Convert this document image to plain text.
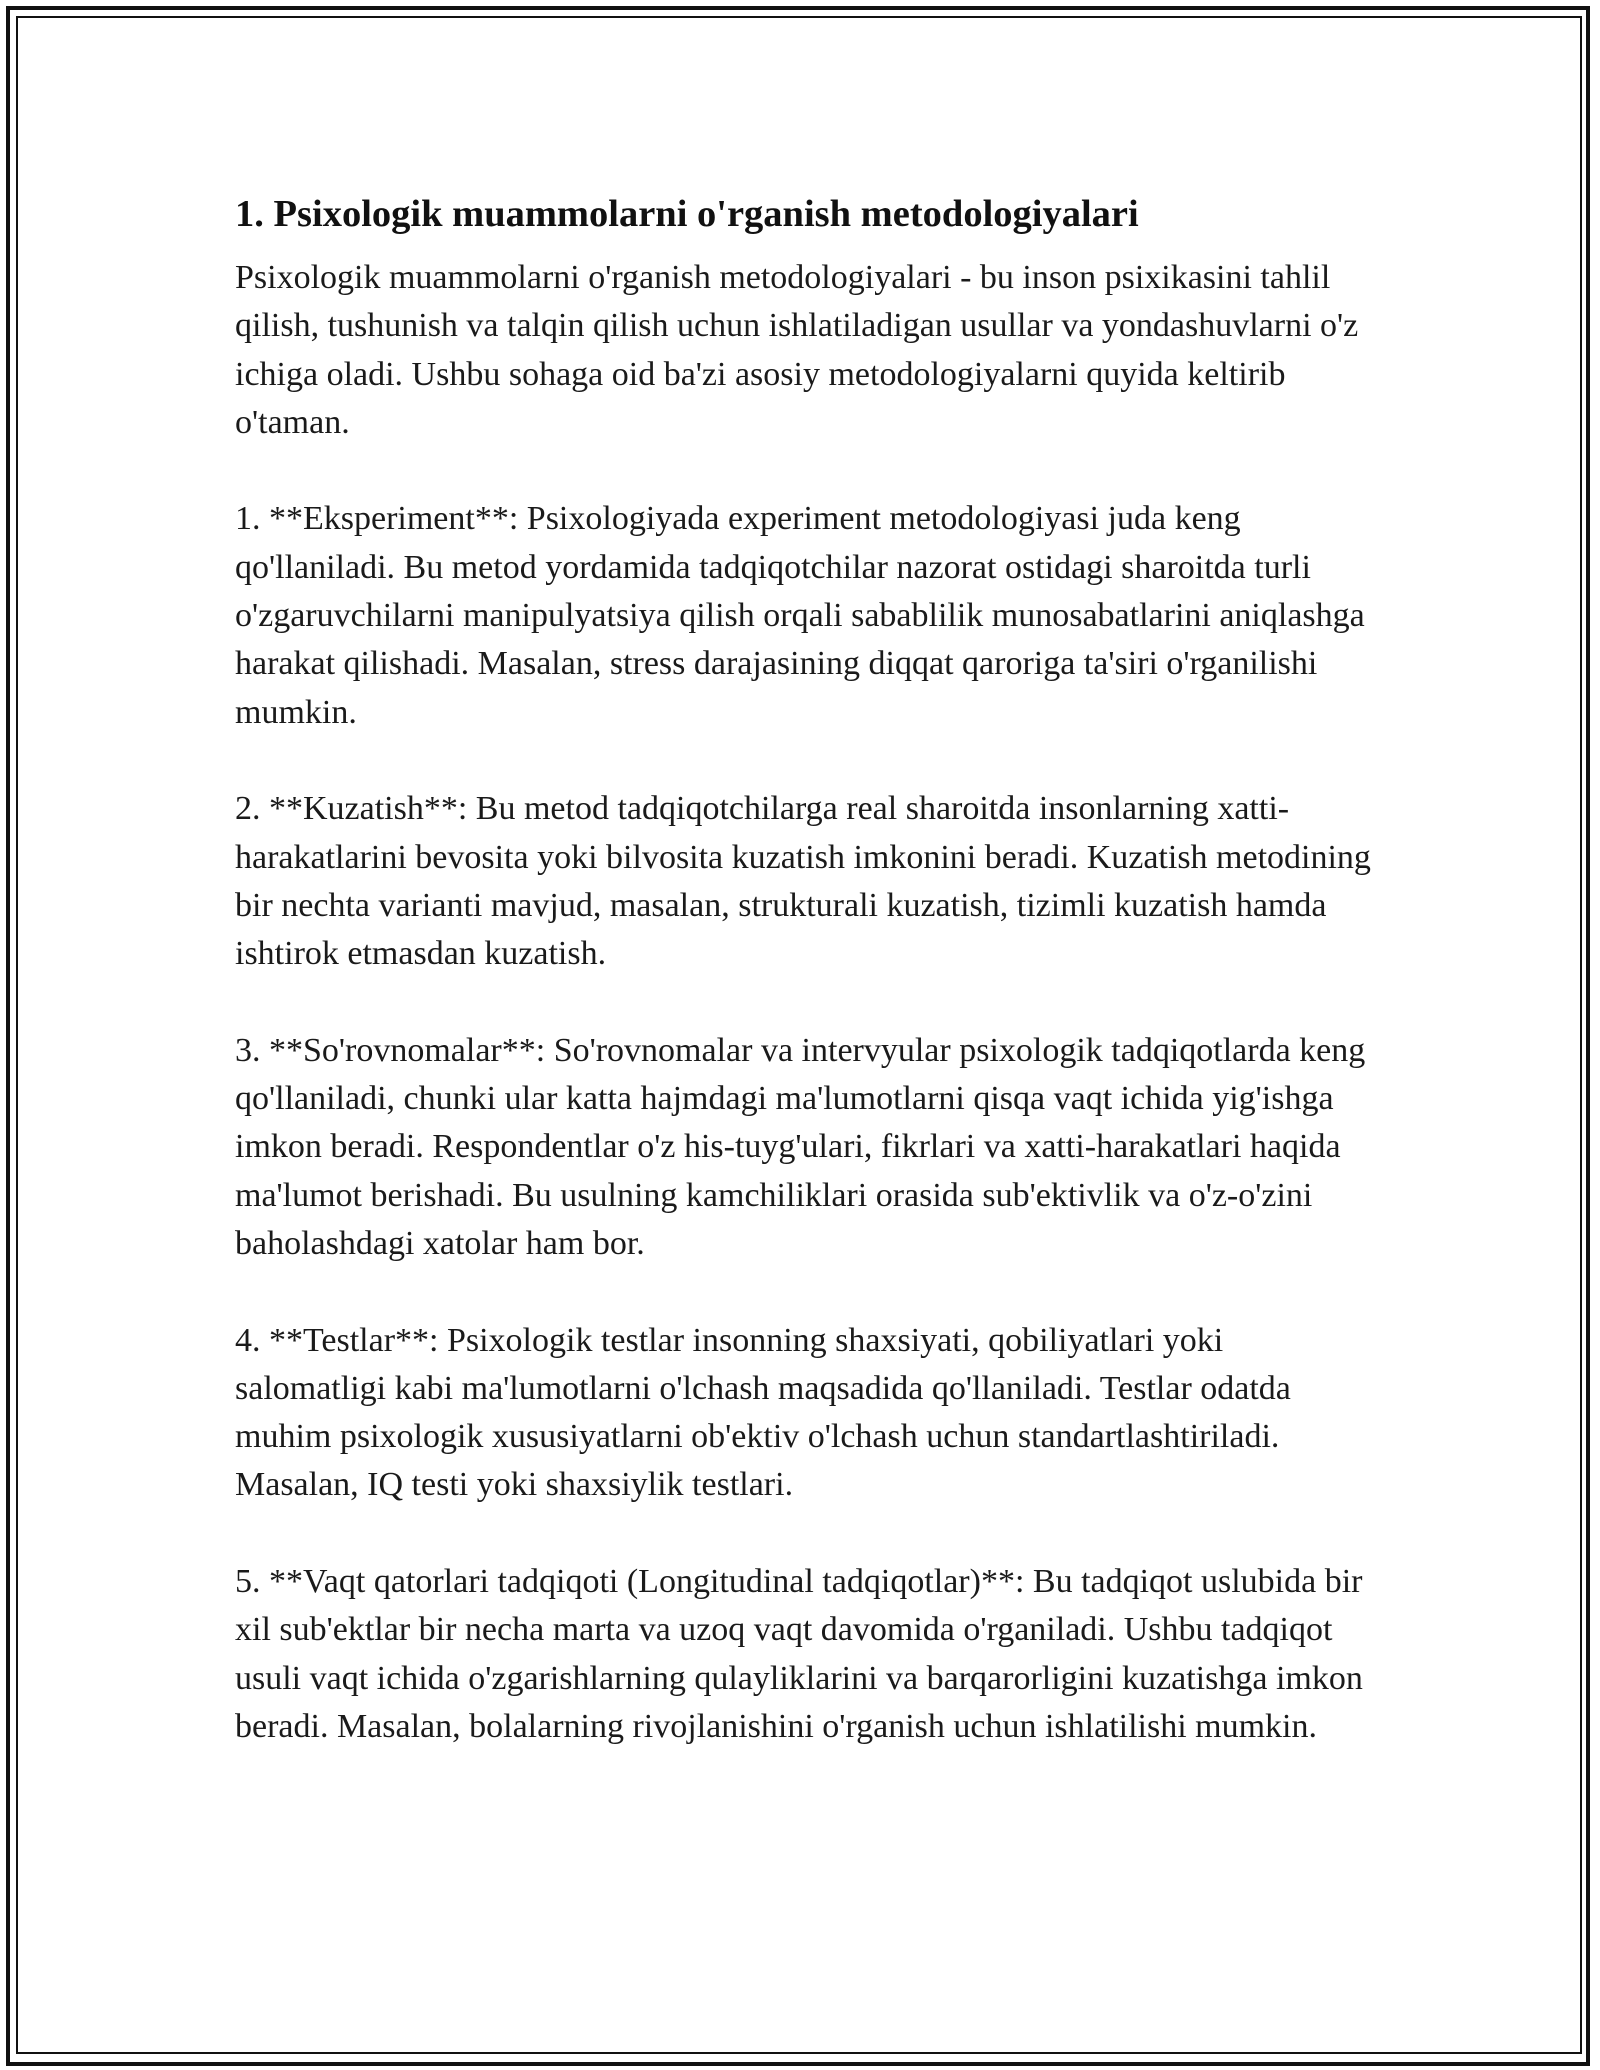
1. Psixologik muammolarni o'rganish metodologiyalari

Psixologik muammolarni o'rganish metodologiyalari - bu inson psixikasini tahlil qilish, tushunish va talqin qilish uchun ishlatiladigan usullar va yondashuvlarni o'z ichiga oladi. Ushbu sohaga oid ba'zi asosiy metodologiyalarni quyida keltirib o'taman.

1. **Eksperiment**: Psixologiyada experiment metodologiyasi juda keng qo'llaniladi. Bu metod yordamida tadqiqotchilar nazorat ostidagi sharoitda turli o'zgaruvchilarni manipulyatsiya qilish orqali sabablilik munosabatlarini aniqlashga harakat qilishadi. Masalan, stress darajasining diqqat qaroriga ta'siri o'rganilishi mumkin.

2. **Kuzatish**: Bu metod tadqiqotchilarga real sharoitda insonlarning xatti-harakatlarini bevosita yoki bilvosita kuzatish imkonini beradi. Kuzatish metodining bir nechta varianti mavjud, masalan, strukturali kuzatish, tizimli kuzatish hamda ishtirok etmasdan kuzatish.

3. **So'rovnomalar**: So'rovnomalar va intervyular psixologik tadqiqotlarda keng qo'llaniladi, chunki ular katta hajmdagi ma'lumotlarni qisqa vaqt ichida yig'ishga imkon beradi. Respondentlar o'z his-tuyg'ulari, fikrlari va xatti-harakatlari haqida ma'lumot berishadi. Bu usulning kamchiliklari orasida sub'ektivlik va o'z-o'zini baholashdagi xatolar ham bor.

4. **Testlar**: Psixologik testlar insonning shaxsiyati, qobiliyatlari yoki salomatligi kabi ma'lumotlarni o'lchash maqsadida qo'llaniladi. Testlar odatda muhim psixologik xususiyatlarni ob'ektiv o'lchash uchun standartlashtiriladi. Masalan, IQ testi yoki shaxsiylik testlari.

5. **Vaqt qatorlari tadqiqoti (Longitudinal tadqiqotlar)**: Bu tadqiqot uslubida bir xil sub'ektlar bir necha marta va uzoq vaqt davomida o'rganiladi. Ushbu tadqiqot usuli vaqt ichida o'zgarishlarning qulayliklarini va barqarorligini kuzatishga imkon beradi. Masalan, bolalarning rivojlanishini o'rganish uchun ishlatilishi mumkin.
